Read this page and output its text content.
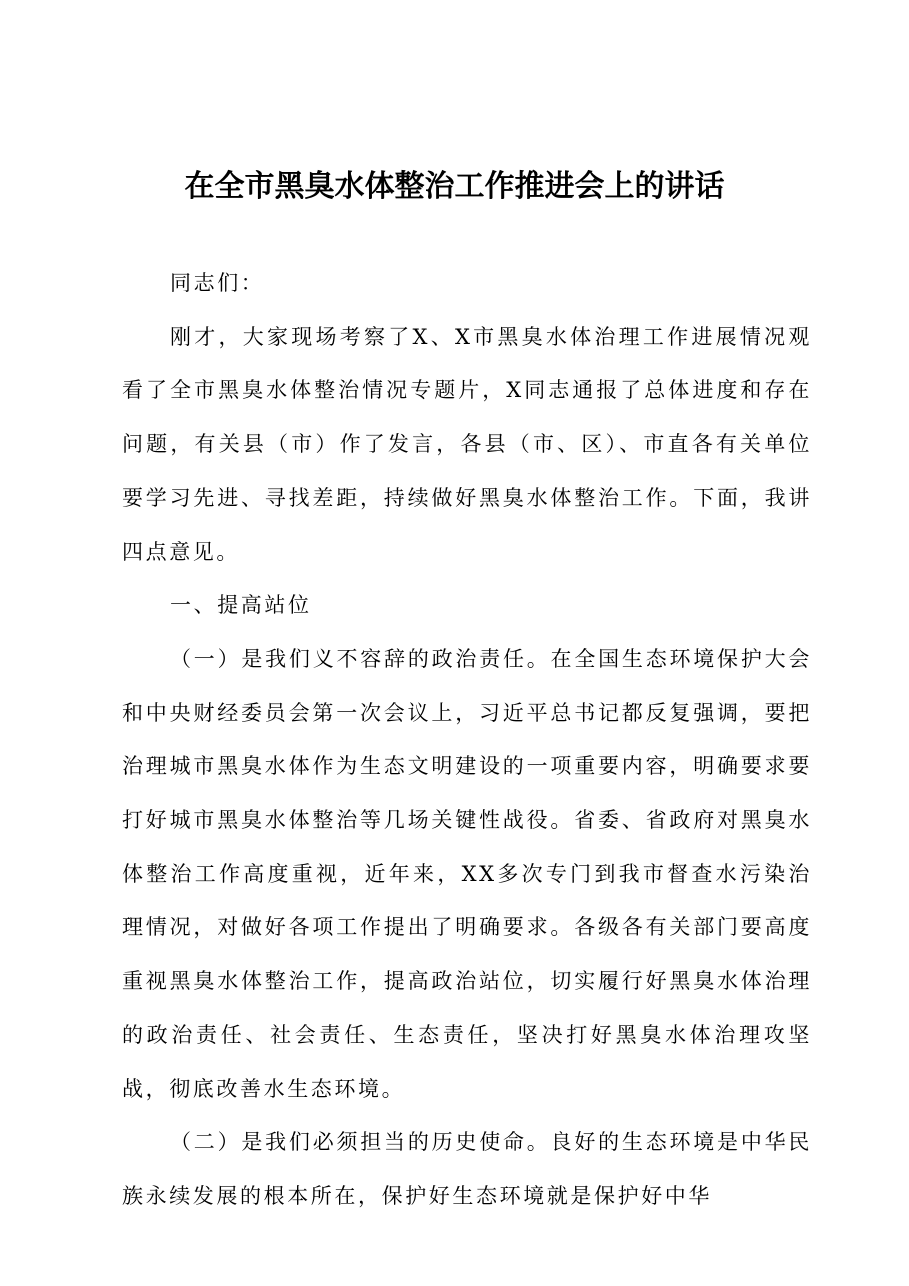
在全市黑臭水体整治工作推进会上的讲话

同志们：

刚才，大家现场考察了X、X市黑臭水体治理工作进展情况观看了全市黑臭水体整治情况专题片，X同志通报了总体进度和存在问题，有关县（市）作了发言，各县（市、区）、市直各有关单位要学习先进、寻找差距，持续做好黑臭水体整治工作。下面，我讲四点意见。

一、提高站位

（一）是我们义不容辞的政治责任。在全国生态环境保护大会和中央财经委员会第一次会议上，习近平总书记都反复强调，要把治理城市黑臭水体作为生态文明建设的一项重要内容，明确要求要打好城市黑臭水体整治等几场关键性战役。省委、省政府对黑臭水体整治工作高度重视，近年来，XX多次专门到我市督查水污染治理情况，对做好各项工作提出了明确要求。各级各有关部门要高度重视黑臭水体整治工作，提高政治站位，切实履行好黑臭水体治理的政治责任、社会责任、生态责任，坚决打好黑臭水体治理攻坚战，彻底改善水生态环境。

（二）是我们必须担当的历史使命。良好的生态环境是中华民族永续发展的根本所在，保护好生态环境就是保护好中华
